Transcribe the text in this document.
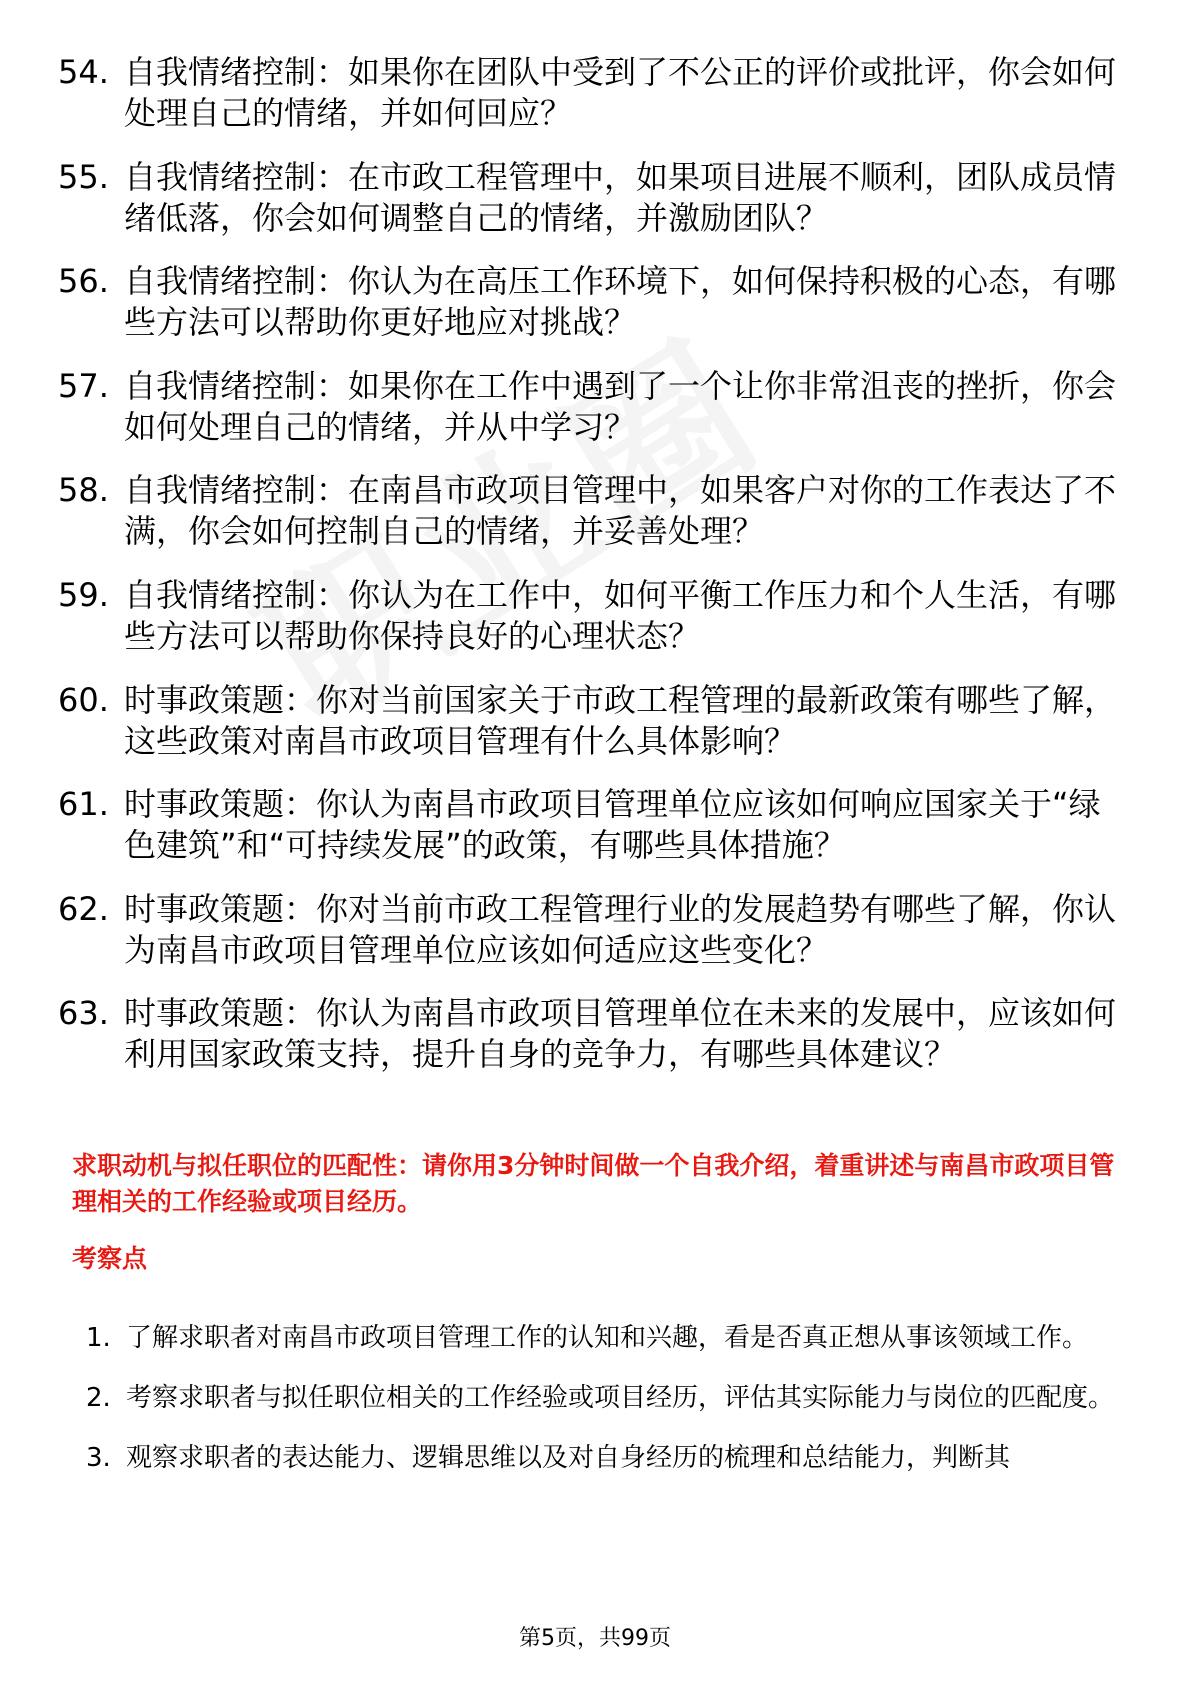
54. 自我情绪控制：如果你在团队中受到了不公正的评价或批评，你会如何处理自己的情绪，并如何回应？
55. 自我情绪控制：在市政工程管理中，如果项目进展不顺利，团队成员情绪低落，你会如何调整自己的情绪，并激励团队？
56. 自我情绪控制：你认为在高压工作环境下，如何保持积极的心态，有哪些方法可以帮助你更好地应对挑战？
57. 自我情绪控制：如果你在工作中遇到了一个让你非常沮丧的挫折，你会如何处理自己的情绪，并从中学习？
58. 自我情绪控制：在南昌市政项目管理中，如果客户对你的工作表达了不满，你会如何控制自己的情绪，并妥善处理？
59. 自我情绪控制：你认为在工作中，如何平衡工作压力和个人生活，有哪些方法可以帮助你保持良好的心理状态？
60. 时事政策题：你对当前国家关于市政工程管理的最新政策有哪些了解，这些政策对南昌市政项目管理有什么具体影响？
61. 时事政策题：你认为南昌市政项目管理单位应该如何响应国家关于“绿色建筑”和“可持续发展”的政策，有哪些具体措施？
62. 时事政策题：你对当前市政工程管理行业的发展趋势有哪些了解，你认为南昌市政项目管理单位应该如何适应这些变化？
63. 时事政策题：你认为南昌市政项目管理单位在未来的发展中，应该如何利用国家政策支持，提升自身的竞争力，有哪些具体建议？
求职动机与拟任职位的匹配性：请你用3分钟时间做一个自我介绍，着重讲述与南昌市政项目管理相关的工作经验或项目经历。
考察点
1. 了解求职者对南昌市政项目管理工作的认知和兴趣，看是否真正想从事该领域工作。
2. 考察求职者与拟任职位相关的工作经验或项目经历，评估其实际能力与岗位的匹配度。
3. 观察求职者的表达能力、逻辑思维以及对自身经历的梳理和总结能力，判断其
第5页，共99页
